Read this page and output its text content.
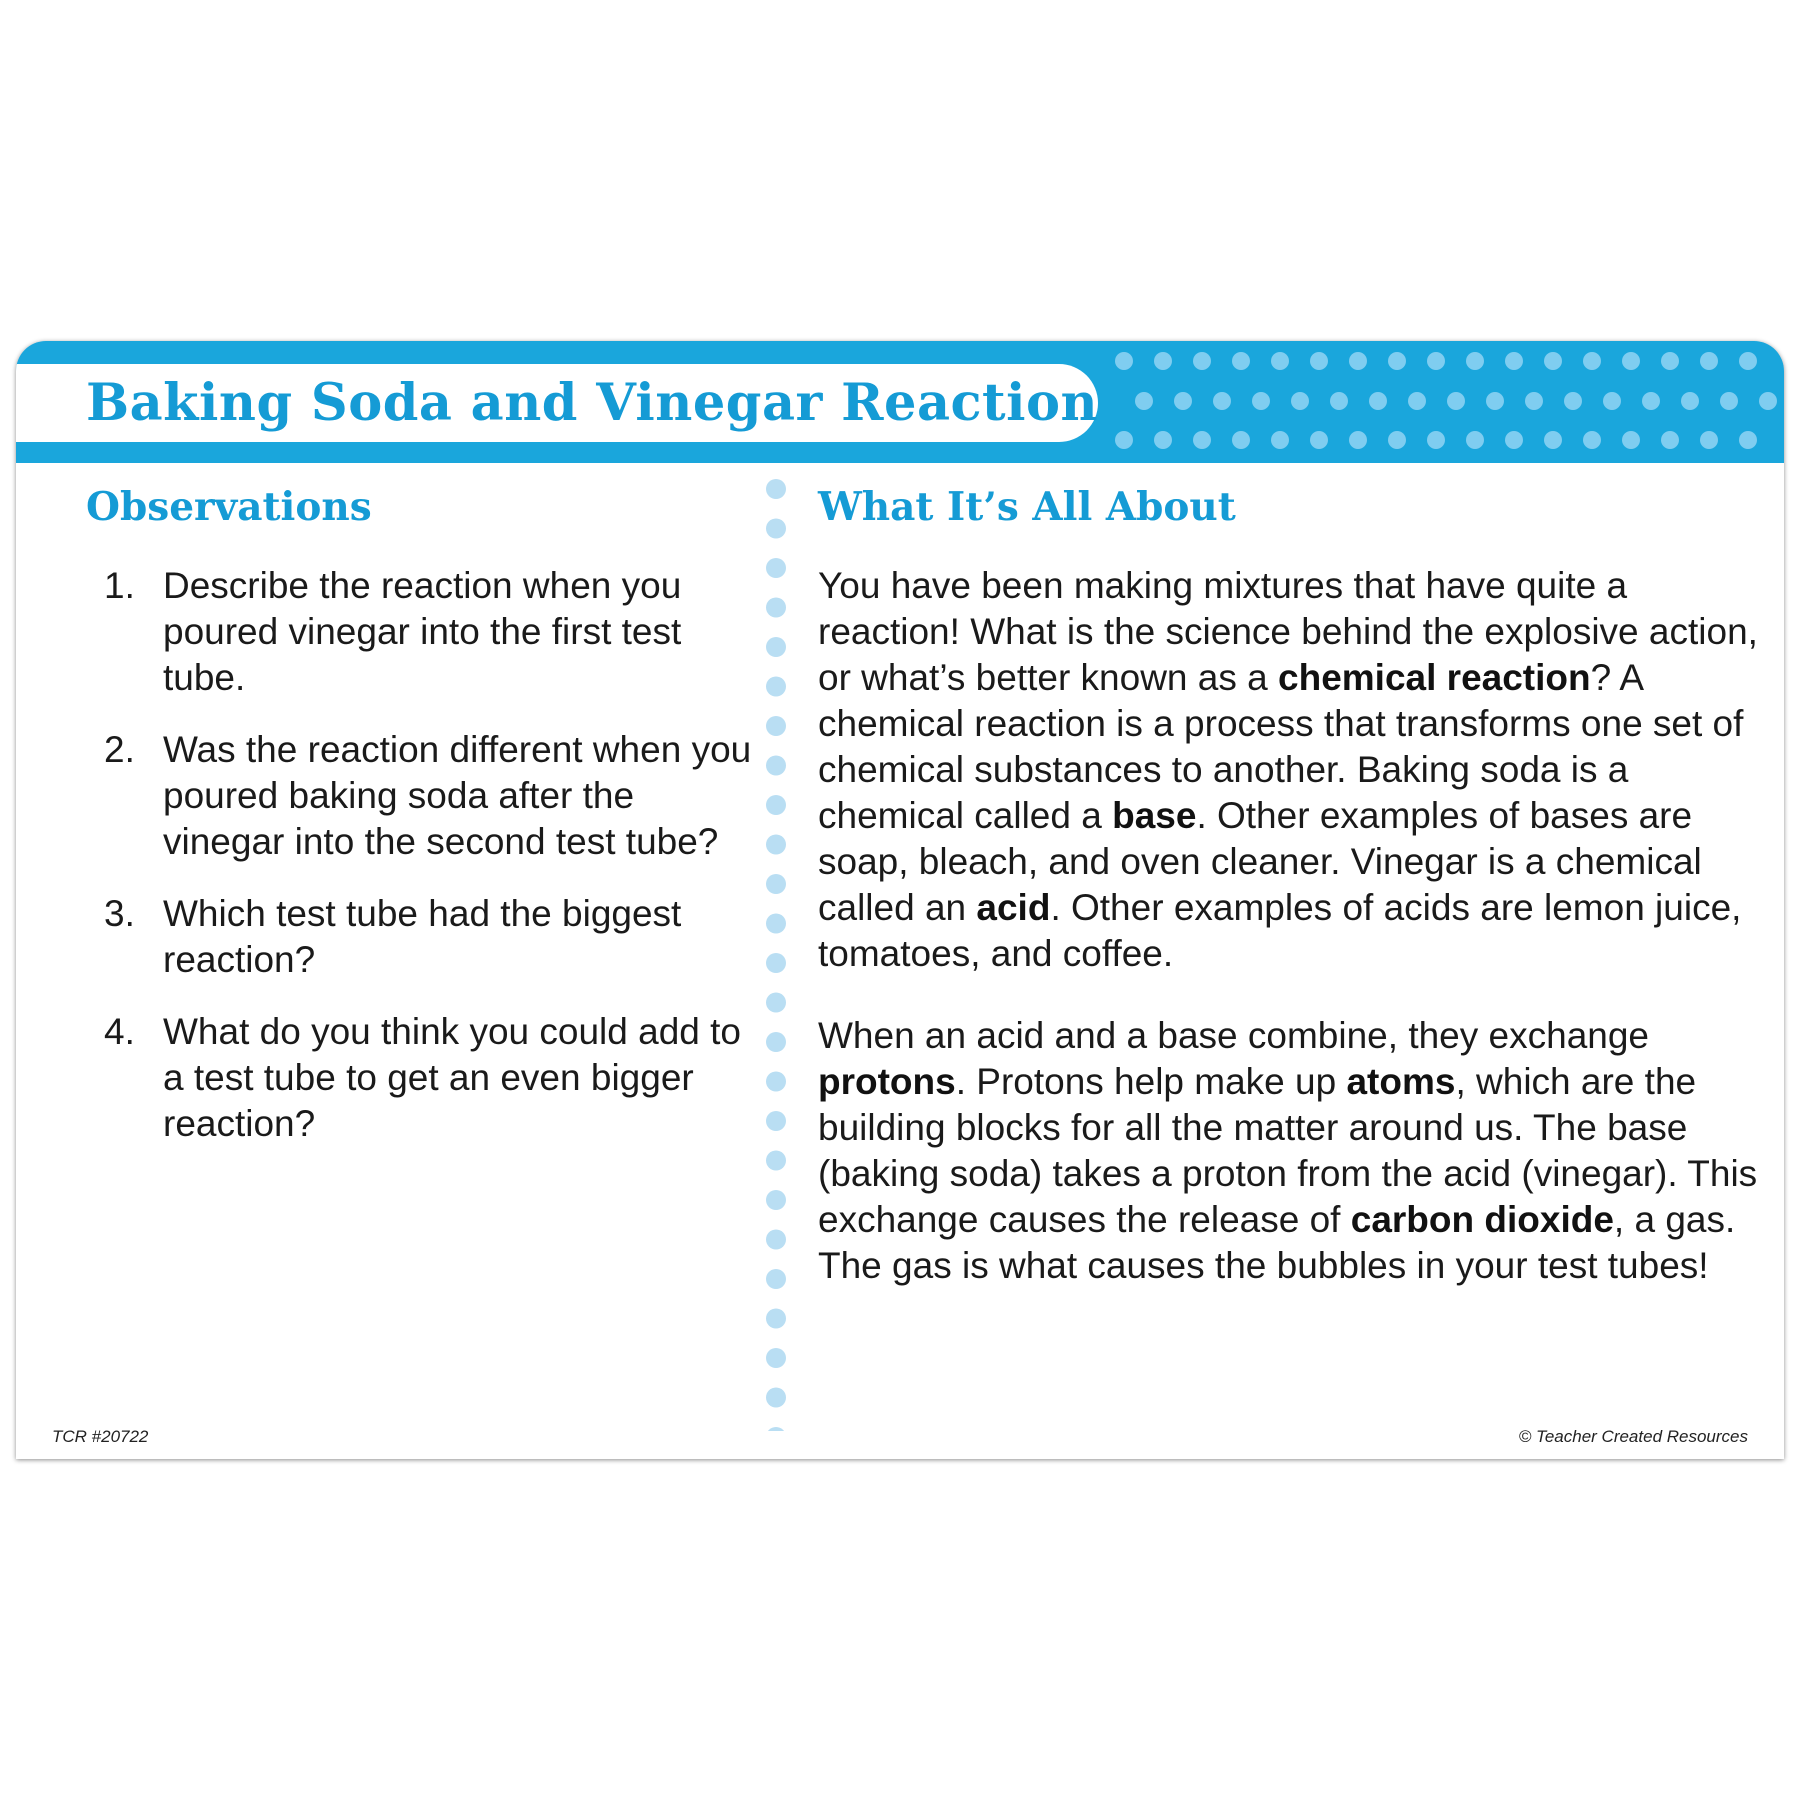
Baking Soda and Vinegar Reaction
Observations
1. Describe the reaction when you poured vinegar into the first test tube.
2. Was the reaction different when you poured baking soda after the vinegar into the second test tube?
3. Which test tube had the biggest reaction?
4. What do you think you could add to a test tube to get an even bigger reaction?
What It’s All About

You have been making mixtures that have quite a reaction! What is the science behind the explosive action, or what’s better known as a chemical reaction? A chemical reaction is a process that transforms one set of chemical substances to another. Baking soda is a chemical called a base. Other examples of bases are soap, bleach, and oven cleaner. Vinegar is a chemical called an acid. Other examples of acids are lemon juice, tomatoes, and coffee.

When an acid and a base combine, they exchange protons. Protons help make up atoms, which are the building blocks for all the matter around us. The base (baking soda) takes a proton from the acid (vinegar). This exchange causes the release of carbon dioxide, a gas. The gas is what causes the bubbles in your test tubes!

TCR #20722	© Teacher Created Resources
